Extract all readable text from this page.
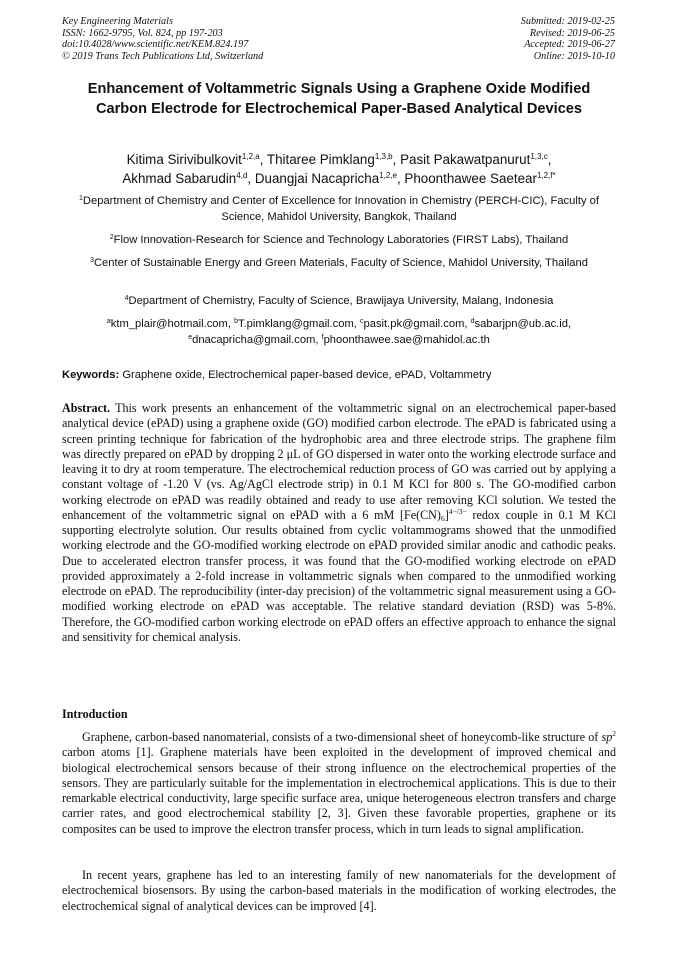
Key Engineering Materials
ISSN: 1662-9795, Vol. 824, pp 197-203
doi:10.4028/www.scientific.net/KEM.824.197
© 2019 Trans Tech Publications Ltd, Switzerland
Submitted: 2019-02-25
Revised: 2019-06-25
Accepted: 2019-06-27
Online: 2019-10-10
Enhancement of Voltammetric Signals Using a Graphene Oxide Modified Carbon Electrode for Electrochemical Paper-Based Analytical Devices
Kitima Sirivibulkovit$^{1,2,a}$, Thitaree Pimklang$^{1,3,b}$, Pasit Pakawatpanurut$^{1,3,c}$,
Akhmad Sabarudin$^{4,d}$, Duangjai Nacapricha$^{1,2,e}$, Phoonthawee Saetear$^{1,2,f*}$
$^1$Department of Chemistry and Center of Excellence for Innovation in Chemistry (PERCH-CIC), Faculty of Science, Mahidol University, Bangkok, Thailand
$^2$Flow Innovation-Research for Science and Technology Laboratories (FIRST Labs), Thailand
$^3$Center of Sustainable Energy and Green Materials, Faculty of Science, Mahidol University, Thailand
$^4$Department of Chemistry, Faculty of Science, Brawijaya University, Malang, Indonesia
$^a$ktm_plair@hotmail.com, $^b$T.pimklang@gmail.com, $^c$pasit.pk@gmail.com, $^d$sabarjpn@ub.ac.id,
$^e$dnacapricha@gmail.com, $^f$phoonthawee.sae@mahidol.ac.th
Keywords: Graphene oxide, Electrochemical paper-based device, ePAD, Voltammetry
Abstract. This work presents an enhancement of the voltammetric signal on an electrochemical paper-based analytical device (ePAD) using a graphene oxide (GO) modified carbon electrode. The ePAD is fabricated using a screen printing technique for fabrication of the hydrophobic area and three electrode strips. The graphene film was directly prepared on ePAD by dropping 2 μL of GO dispersed in water onto the working electrode surface and leaving it to dry at room temperature. The electrochemical reduction process of GO was carried out by applying a constant voltage of -1.20 V (vs. Ag/AgCl electrode strip) in 0.1 M KCl for 800 s. The GO-modified carbon working electrode on ePAD was readily obtained and ready to use after removing KCl solution. We tested the enhancement of the voltammetric signal on ePAD with a 6 mM $[Fe(CN)_6]^{4-/3-}$ redox couple in 0.1 M KCl supporting electrolyte solution. Our results obtained from cyclic voltammograms showed that the unmodified working electrode and the GO-modified working electrode on ePAD provided similar anodic and cathodic peaks. Due to accelerated electron transfer process, it was found that the GO-modified working electrode on ePAD provided approximately a 2-fold increase in voltammetric signals when compared to the unmodified working electrode on ePAD. The reproducibility (inter-day precision) of the voltammetric signal measurement using a GO-modified working electrode on ePAD was acceptable. The relative standard deviation (RSD) was 5-8%. Therefore, the GO-modified carbon working electrode on ePAD offers an effective approach to enhance the signal and sensitivity for chemical analysis.
Introduction

Graphene, carbon-based nanomaterial, consists of a two-dimensional sheet of honeycomb-like structure of $sp^2$ carbon atoms [1]. Graphene materials have been exploited in the development of improved chemical and biological electrochemical sensors because of their strong influence on the electrochemical properties of the sensors. They are particularly suitable for the implementation in electrochemical applications. This is due to their remarkable electrical conductivity, large specific surface area, unique heterogeneous electron transfers and charge carrier rates, and good electrochemical stability [2, 3]. Given these favorable properties, graphene or its composites can be used to improve the electron transfer process, which in turn leads to signal amplification.

In recent years, graphene has led to an interesting family of new nanomaterials for the development of electrochemical biosensors. By using the carbon-based materials in the modification of working electrodes, the electrochemical signal of analytical devices can be improved [4].
